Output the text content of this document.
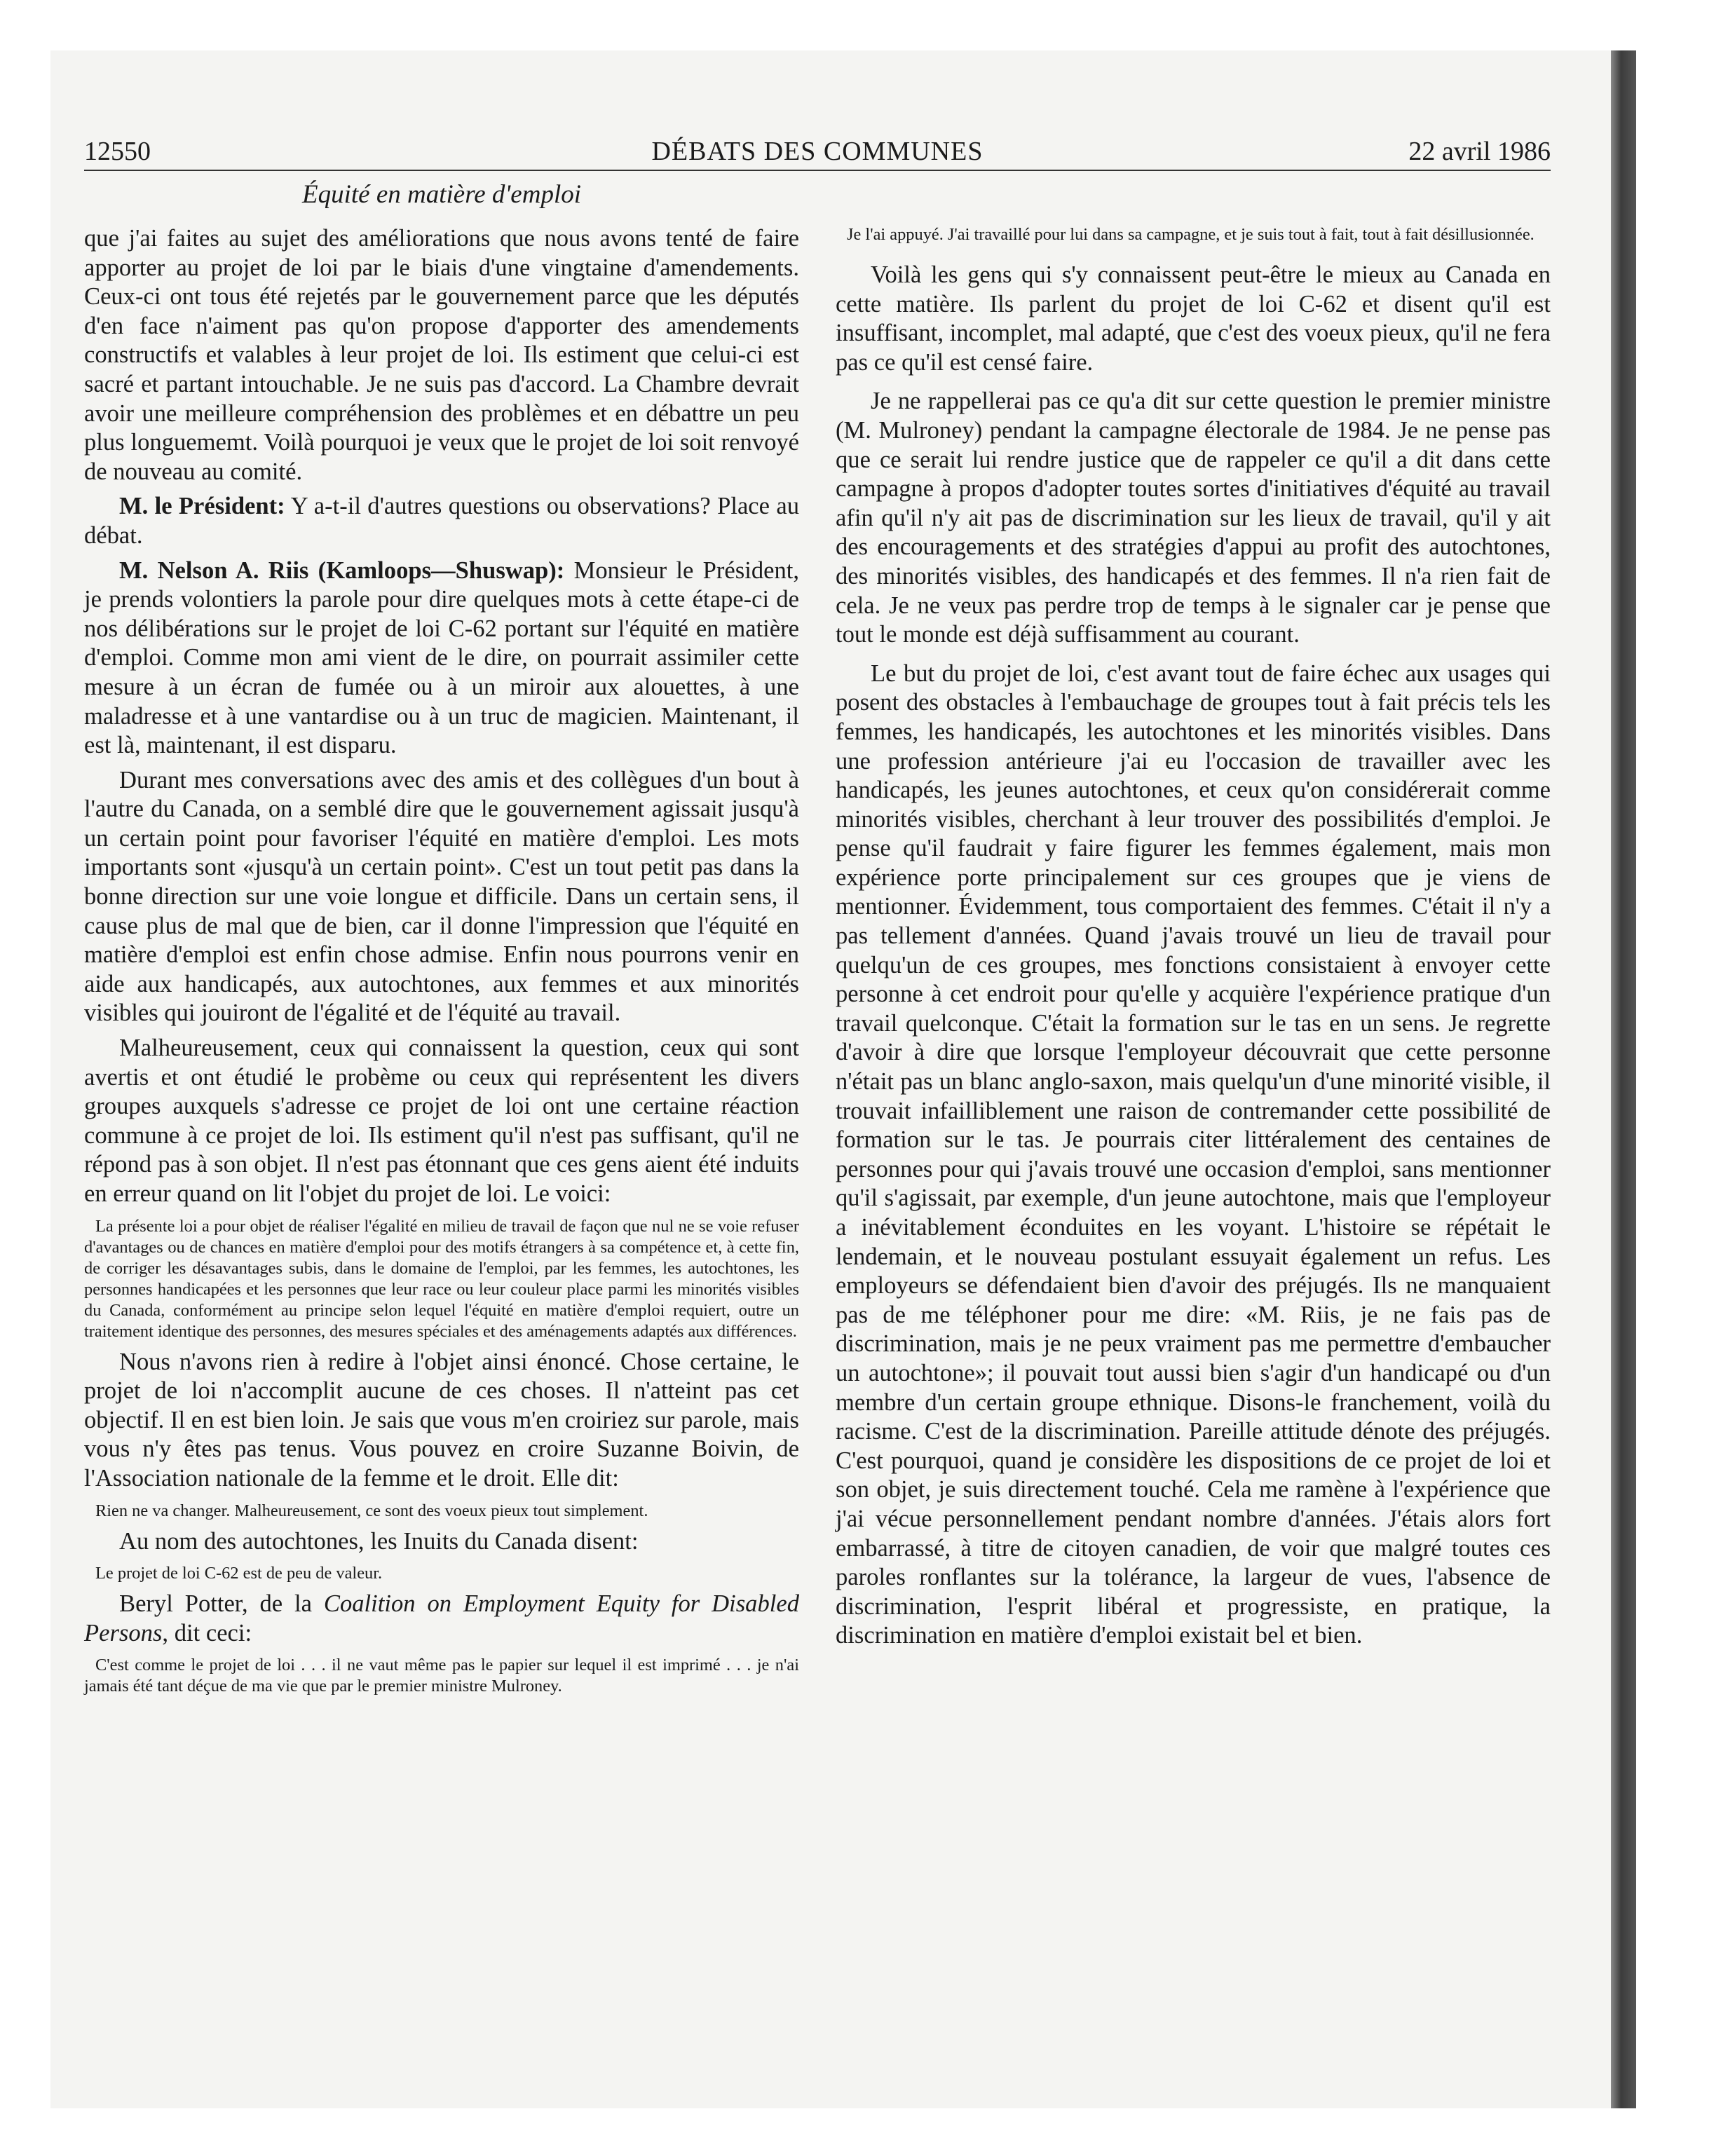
12550	DÉBATS DES COMMUNES	22 avril 1986
Équité en matière d'emploi

que j'ai faites au sujet des améliorations que nous avons tenté de faire apporter au projet de loi par le biais d'une vingtaine d'amendements. Ceux-ci ont tous été rejetés par le gouvernement parce que les députés d'en face n'aiment pas qu'on propose d'apporter des amendements constructifs et valables à leur projet de loi. Ils estiment que celui-ci est sacré et partant intouchable. Je ne suis pas d'accord. La Chambre devrait avoir une meilleure compréhension des problèmes et en débattre un peu plus longuememt. Voilà pourquoi je veux que le projet de loi soit renvoyé de nouveau au comité.

M. le Président: Y a-t-il d'autres questions ou observations? Place au débat.

M. Nelson A. Riis (Kamloops—Shuswap): Monsieur le Président, je prends volontiers la parole pour dire quelques mots à cette étape-ci de nos délibérations sur le projet de loi C-62 portant sur l'équité en matière d'emploi. Comme mon ami vient de le dire, on pourrait assimiler cette mesure à un écran de fumée ou à un miroir aux alouettes, à une maladresse et à une vantardise ou à un truc de magicien. Maintenant, il est là, maintenant, il est disparu.

Durant mes conversations avec des amis et des collègues d'un bout à l'autre du Canada, on a semblé dire que le gouvernement agissait jusqu'à un certain point pour favoriser l'équité en matière d'emploi. Les mots importants sont «jusqu'à un certain point». C'est un tout petit pas dans la bonne direction sur une voie longue et difficile. Dans un certain sens, il cause plus de mal que de bien, car il donne l'impression que l'équité en matière d'emploi est enfin chose admise. Enfin nous pourrons venir en aide aux handicapés, aux autochtones, aux femmes et aux minorités visibles qui jouiront de l'égalité et de l'équité au travail.

Malheureusement, ceux qui connaissent la question, ceux qui sont avertis et ont étudié le probème ou ceux qui représentent les divers groupes auxquels s'adresse ce projet de loi ont une certaine réaction commune à ce projet de loi. Ils estiment qu'il n'est pas suffisant, qu'il ne répond pas à son objet. Il n'est pas étonnant que ces gens aient été induits en erreur quand on lit l'objet du projet de loi. Le voici:

La présente loi a pour objet de réaliser l'égalité en milieu de travail de façon que nul ne se voie refuser d'avantages ou de chances en matière d'emploi pour des motifs étrangers à sa compétence et, à cette fin, de corriger les désavantages subis, dans le domaine de l'emploi, par les femmes, les autochtones, les personnes handicapées et les personnes que leur race ou leur couleur place parmi les minorités visibles du Canada, conformément au principe selon lequel l'équité en matière d'emploi requiert, outre un traitement identique des personnes, des mesures spéciales et des aménagements adaptés aux différences.

Nous n'avons rien à redire à l'objet ainsi énoncé. Chose certaine, le projet de loi n'accomplit aucune de ces choses. Il n'atteint pas cet objectif. Il en est bien loin. Je sais que vous m'en croiriez sur parole, mais vous n'y êtes pas tenus. Vous pouvez en croire Suzanne Boivin, de l'Association nationale de la femme et le droit. Elle dit:

Rien ne va changer. Malheureusement, ce sont des voeux pieux tout simplement.

Au nom des autochtones, les Inuits du Canada disent:

Le projet de loi C-62 est de peu de valeur.

Beryl Potter, de la Coalition on Employment Equity for Disabled Persons, dit ceci:

C'est comme le projet de loi . . . il ne vaut même pas le papier sur lequel il est imprimé . . . je n'ai jamais été tant déçue de ma vie que par le premier ministre Mulroney.

Je l'ai appuyé. J'ai travaillé pour lui dans sa campagne, et je suis tout à fait, tout à fait désillusionnée.

Voilà les gens qui s'y connaissent peut-être le mieux au Canada en cette matière. Ils parlent du projet de loi C-62 et disent qu'il est insuffisant, incomplet, mal adapté, que c'est des voeux pieux, qu'il ne fera pas ce qu'il est censé faire.

Je ne rappellerai pas ce qu'a dit sur cette question le premier ministre (M. Mulroney) pendant la campagne électorale de 1984. Je ne pense pas que ce serait lui rendre justice que de rappeler ce qu'il a dit dans cette campagne à propos d'adopter toutes sortes d'initiatives d'équité au travail afin qu'il n'y ait pas de discrimination sur les lieux de travail, qu'il y ait des encouragements et des stratégies d'appui au profit des autochtones, des minorités visibles, des handicapés et des femmes. Il n'a rien fait de cela. Je ne veux pas perdre trop de temps à le signaler car je pense que tout le monde est déjà suffisamment au courant.

Le but du projet de loi, c'est avant tout de faire échec aux usages qui posent des obstacles à l'embauchage de groupes tout à fait précis tels les femmes, les handicapés, les autochtones et les minorités visibles. Dans une profession antérieure j'ai eu l'occasion de travailler avec les handicapés, les jeunes autochtones, et ceux qu'on considérerait comme minorités visibles, cherchant à leur trouver des possibilités d'emploi. Je pense qu'il faudrait y faire figurer les femmes également, mais mon expérience porte principalement sur ces groupes que je viens de mentionner. Évidemment, tous comportaient des femmes. C'était il n'y a pas tellement d'années. Quand j'avais trouvé un lieu de travail pour quelqu'un de ces groupes, mes fonctions consistaient à envoyer cette personne à cet endroit pour qu'elle y acquière l'expérience pratique d'un travail quelconque. C'était la formation sur le tas en un sens. Je regrette d'avoir à dire que lorsque l'employeur découvrait que cette personne n'était pas un blanc anglo-saxon, mais quelqu'un d'une minorité visible, il trouvait infailliblement une raison de contremander cette possibilité de formation sur le tas. Je pourrais citer littéralement des centaines de personnes pour qui j'avais trouvé une occasion d'emploi, sans mentionner qu'il s'agissait, par exemple, d'un jeune autochtone, mais que l'employeur a inévitablement éconduites en les voyant. L'histoire se répétait le lendemain, et le nouveau postulant essuyait également un refus. Les employeurs se défendaient bien d'avoir des préjugés. Ils ne manquaient pas de me téléphoner pour me dire: «M. Riis, je ne fais pas de discrimination, mais je ne peux vraiment pas me permettre d'embaucher un autochtone»; il pouvait tout aussi bien s'agir d'un handicapé ou d'un membre d'un certain groupe ethnique. Disons-le franchement, voilà du racisme. C'est de la discrimination. Pareille attitude dénote des préjugés. C'est pourquoi, quand je considère les dispositions de ce projet de loi et son objet, je suis directement touché. Cela me ramène à l'expérience que j'ai vécue personnellement pendant nombre d'années. J'étais alors fort embarrassé, à titre de citoyen canadien, de voir que malgré toutes ces paroles ronflantes sur la tolérance, la largeur de vues, l'absence de discrimination, l'esprit libéral et progressiste, en pratique, la discrimination en matière d'emploi existait bel et bien.
